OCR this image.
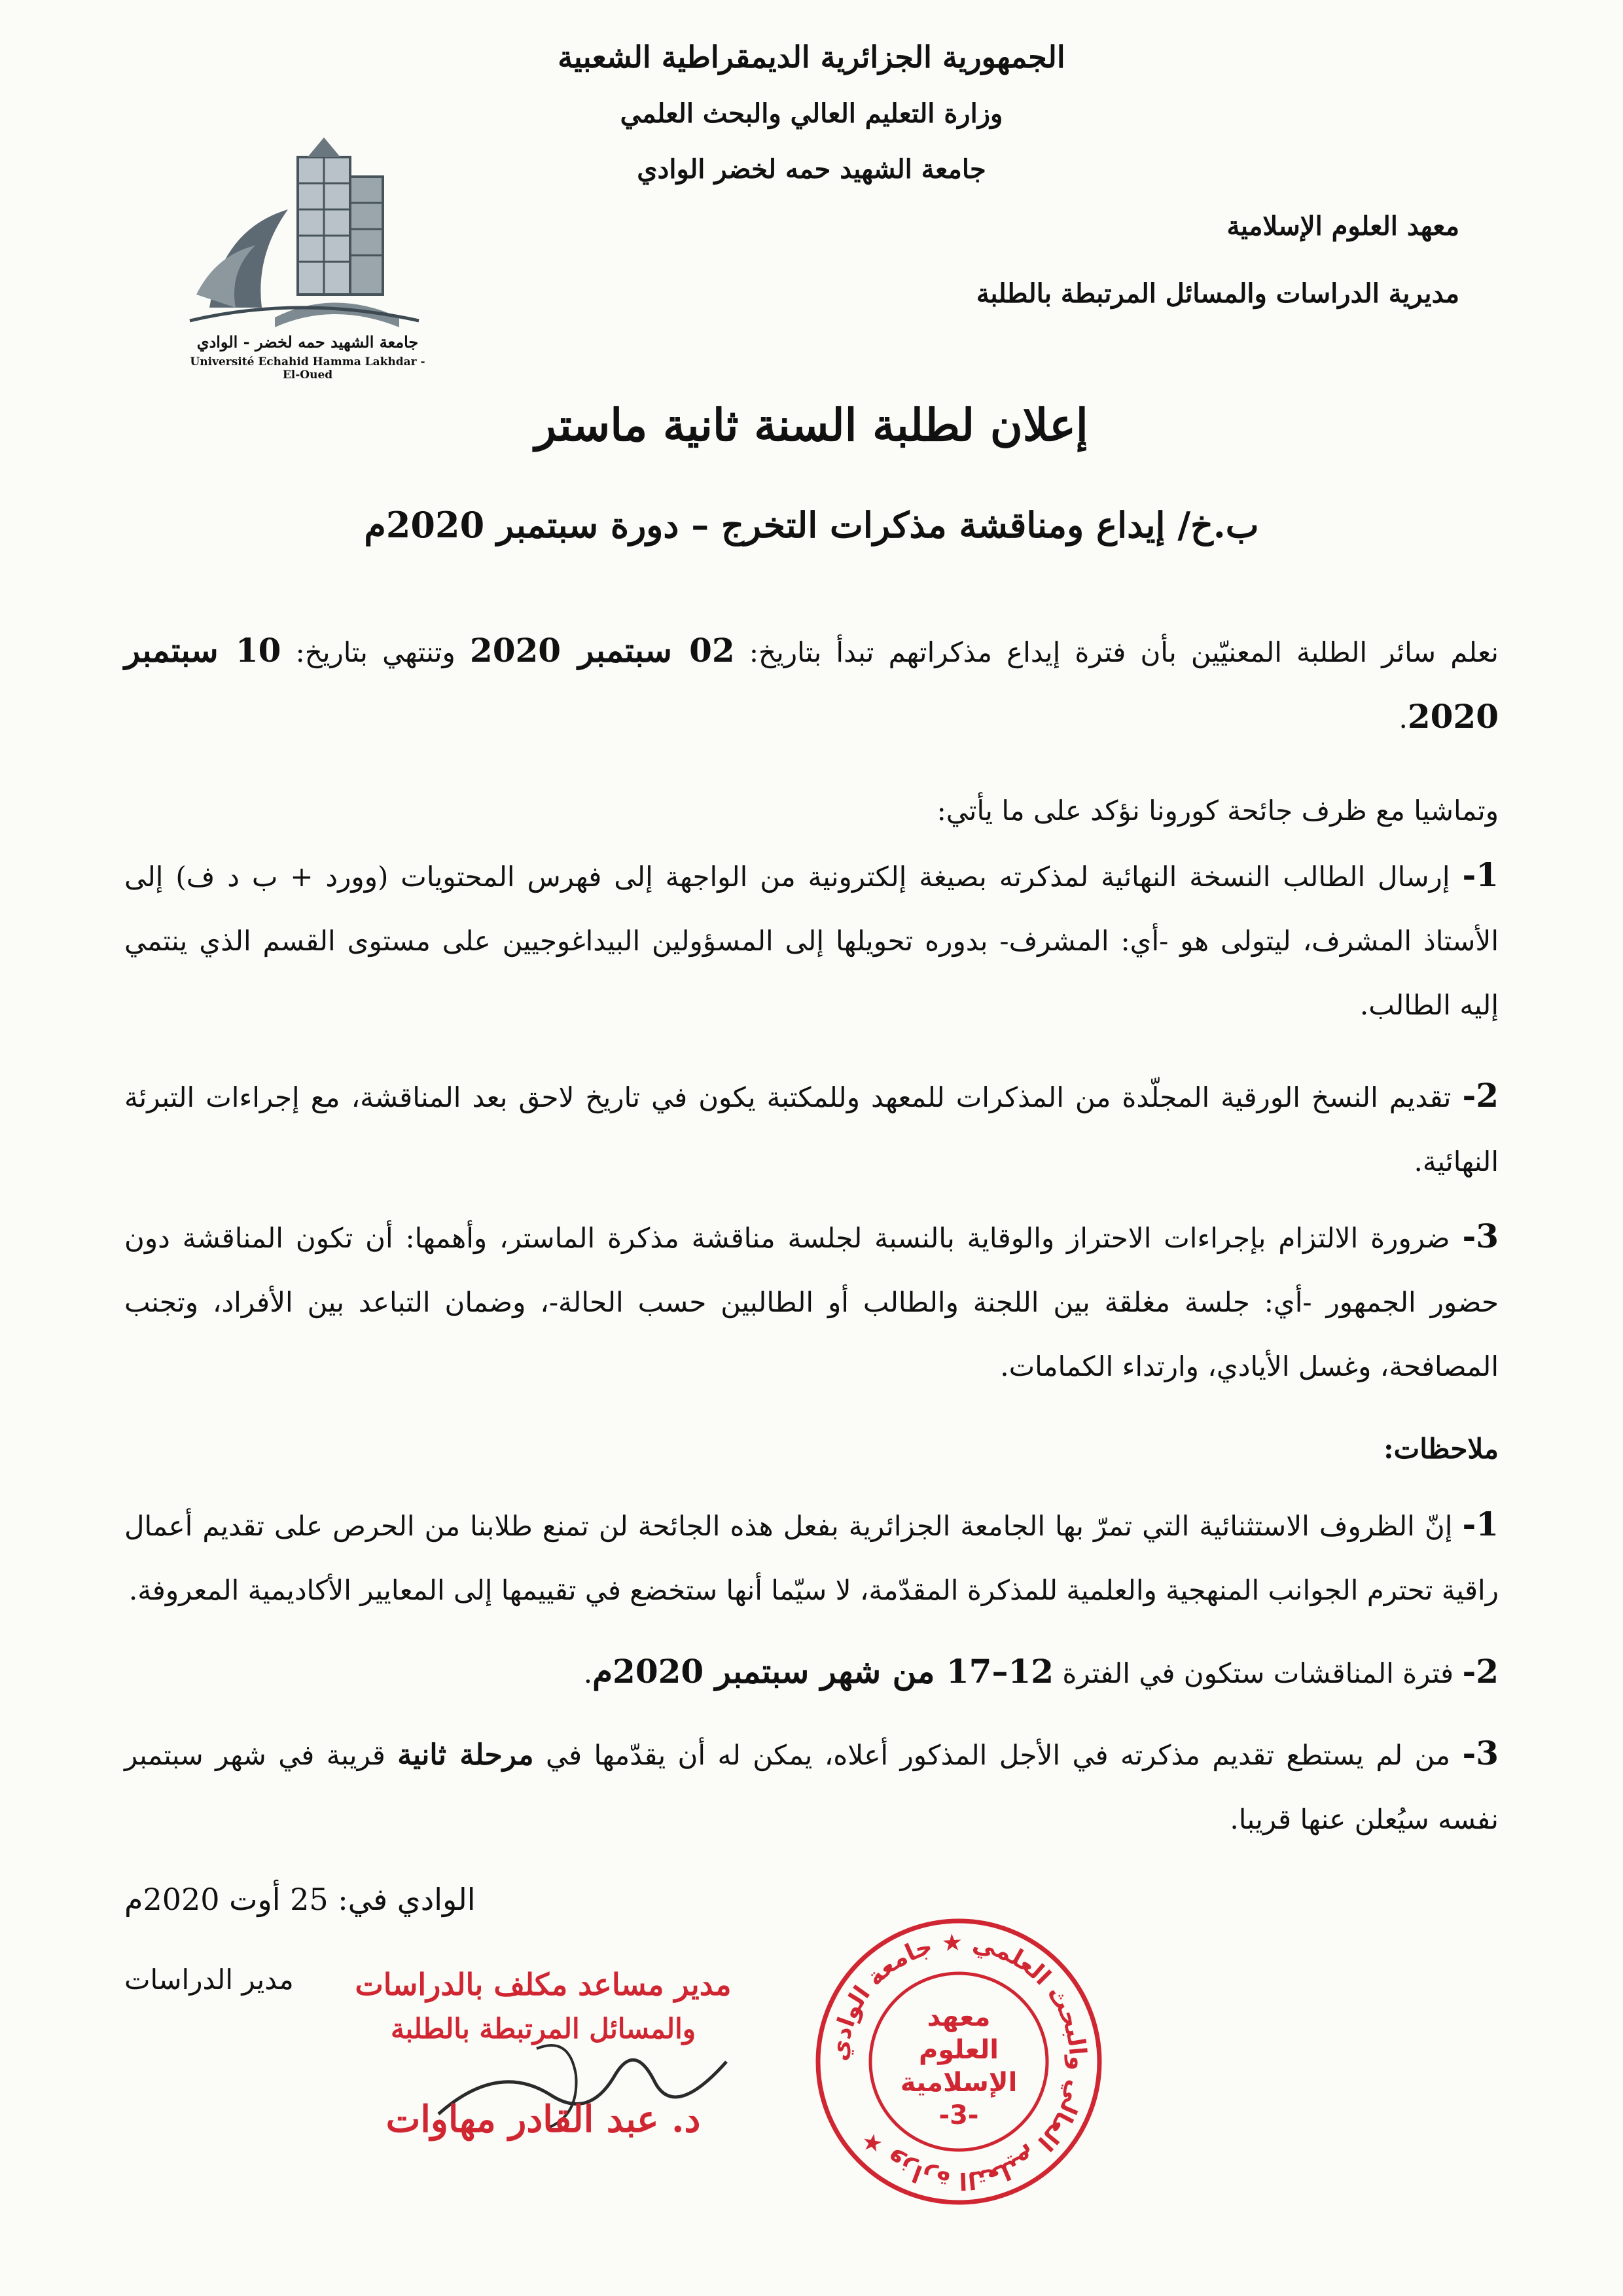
الجمهورية الجزائرية الديمقراطية الشعبية
وزارة التعليم العالي والبحث العلمي
جامعة الشهيد حمه لخضر الوادي
معهد العلوم الإسلامية
مديرية الدراسات والمسائل المرتبطة بالطلبة
جامعة الشهيد حمه لخضر - الوادي
Université Echahid Hamma Lakhdar - El-Oued
إعلان لطلبة السنة ثانية ماستر
ب.خ/ إيداع ومناقشة مذكرات التخرج – دورة سبتمبر 2020م
نعلم سائر الطلبة المعنيّين بأن فترة إيداع مذكراتهم تبدأ بتاريخ: 02 سبتمبر 2020 وتنتهي بتاريخ: 10 سبتمبر 2020.
وتماشيا مع ظرف جائحة كورونا نؤكد على ما يأتي:
1- إرسال الطالب النسخة النهائية لمذكرته بصيغة إلكترونية من الواجهة إلى فهرس المحتويات (وورد + ب د ف) إلى الأستاذ المشرف، ليتولى هو -أي: المشرف- بدوره تحويلها إلى المسؤولين البيداغوجيين على مستوى القسم الذي ينتمي إليه الطالب.
2- تقديم النسخ الورقية المجلّدة من المذكرات للمعهد وللمكتبة يكون في تاريخ لاحق بعد المناقشة، مع إجراءات التبرئة النهائية.
3- ضرورة الالتزام بإجراءات الاحتراز والوقاية بالنسبة لجلسة مناقشة مذكرة الماستر، وأهمها: أن تكون المناقشة دون حضور الجمهور -أي: جلسة مغلقة بين اللجنة والطالب أو الطالبين حسب الحالة-، وضمان التباعد بين الأفراد، وتجنب المصافحة، وغسل الأيادي، وارتداء الكمامات.
ملاحظات:
1- إنّ الظروف الاستثنائية التي تمرّ بها الجامعة الجزائرية بفعل هذه الجائحة لن تمنع طلابنا من الحرص على تقديم أعمال راقية تحترم الجوانب المنهجية والعلمية للمذكرة المقدّمة، لا سيّما أنها ستخضع في تقييمها إلى المعايير الأكاديمية المعروفة.
2- فترة المناقشات ستكون في الفترة 12–17 من شهر سبتمبر 2020م.
3- من لم يستطع تقديم مذكرته في الأجل المذكور أعلاه، يمكن له أن يقدّمها في مرحلة ثانية قريبة في شهر سبتمبر نفسه سيُعلن عنها قريبا.
الوادي في: 25 أوت 2020م
مدير الدراسات	مدير مساعد مكلف بالدراسات
والمسائل المرتبطة بالطلبة
د. عبد القادر مهاوات
وزارة التعليم العالي والبحث العلمي ★ جامعة الوادي ★
معهد
العلوم
الإسلامية
-3-
